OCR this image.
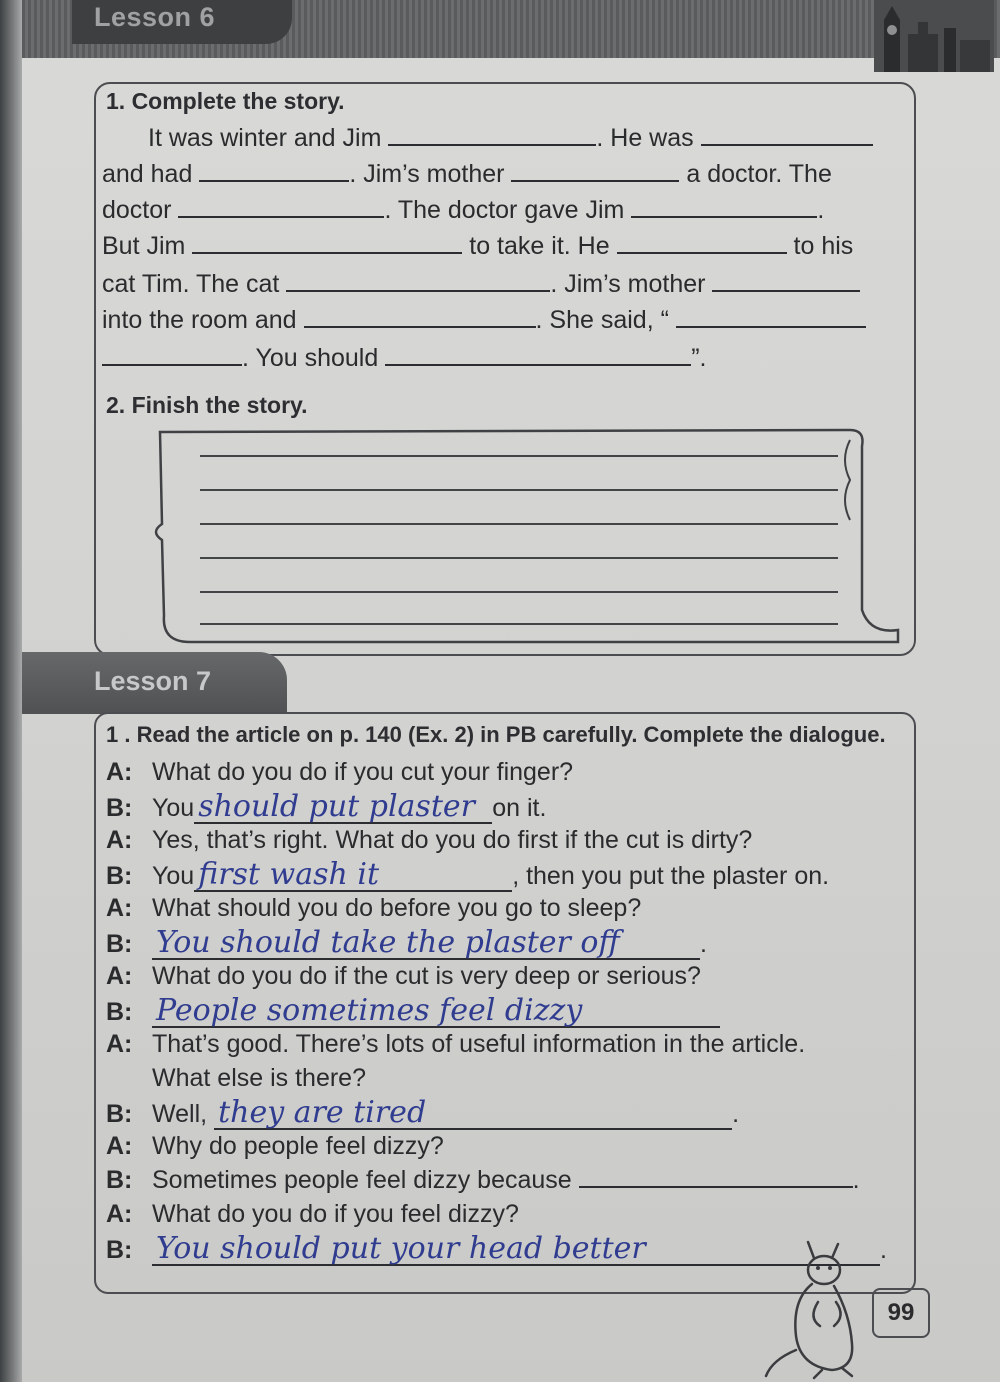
Lesson 6
1. Complete the story.
It was winter and Jim	. He was
and had	. Jim’s mother	a doctor. The
doctor	. The doctor gave Jim	.
But Jim	to take it. He	to his
cat Tim. The cat	. Jim’s mother
into the room and	. She said, “
. You should	”.
2. Finish the story.
Lesson 7
1 . Read the article on p. 140 (Ex. 2) in PB carefully. Complete the dialogue.
A: What do you do if you cut your finger?
B: You should put plaster on it.
A: Yes, that’s right. What do you do first if the cut is dirty?
B: You first wash it	, then you put the plaster on.
A: What should you do before you go to sleep?
B: You should take the plaster off	.
A: What do you do if the cut is very deep or serious?
B: People sometimes feel dizzy
A: That’s good. There’s lots of useful information in the article.
What else is there?
B: Well, they are tired	.
A: Why do people feel dizzy?
B: Sometimes people feel dizzy because	.
A: What do you do if you feel dizzy?
B: You should put your head better	.
99
